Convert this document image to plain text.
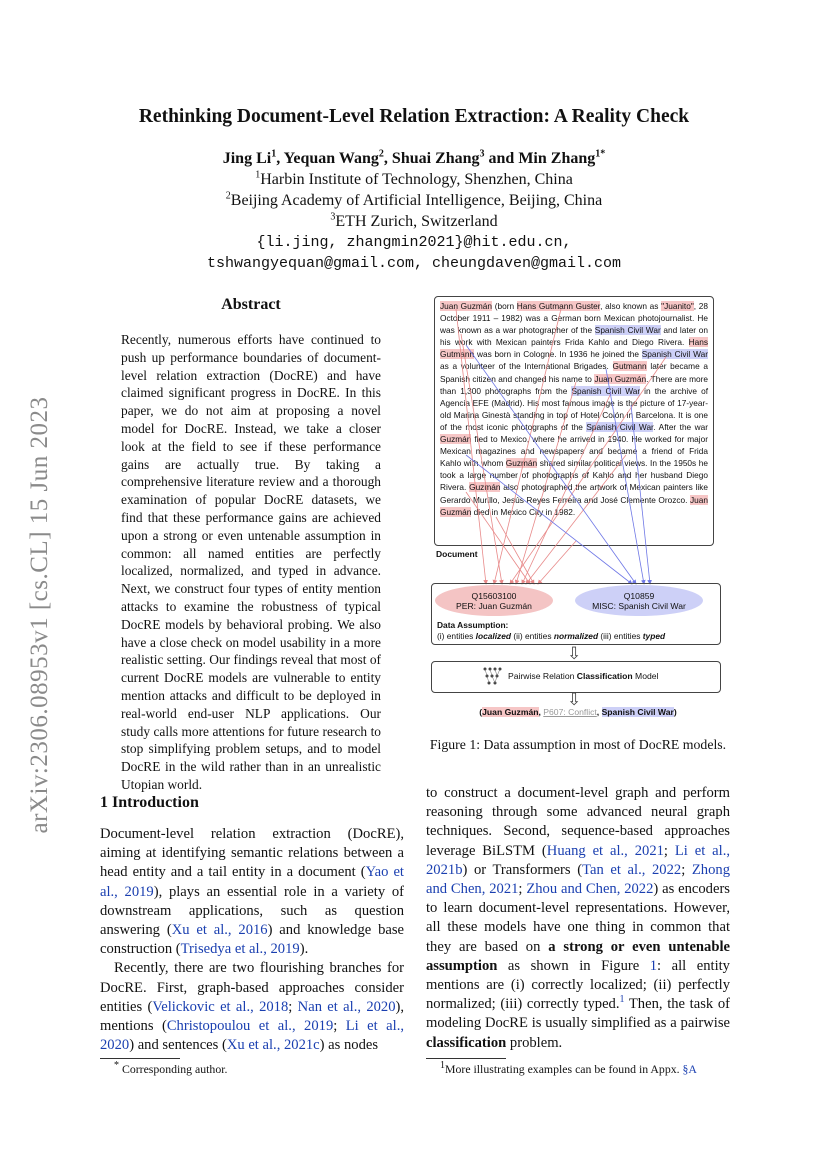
arXiv:2306.08953v1 [cs.CL] 15 Jun 2023
Rethinking Document-Level Relation Extraction: A Reality Check
Jing Li$^1$, Yequan Wang$^2$, Shuai Zhang$^3$ and Min Zhang$^{1*}$
$^1$Harbin Institute of Technology, Shenzhen, China
$^2$Beijing Academy of Artificial Intelligence, Beijing, China
$^3$ETH Zurich, Switzerland
{li.jing, zhangmin2021}@hit.edu.cn,
tshwangyequan@gmail.com, cheungdaven@gmail.com
Abstract
Recently, numerous efforts have continued to push up performance boundaries of document-level relation extraction (DocRE) and have claimed significant progress in DocRE. In this paper, we do not aim at proposing a novel model for DocRE. Instead, we take a closer look at the field to see if these performance gains are actually true. By taking a comprehensive literature review and a thorough examination of popular DocRE datasets, we find that these performance gains are achieved upon a strong or even untenable assumption in common: all named entities are perfectly localized, normalized, and typed in advance. Next, we construct four types of entity mention attacks to examine the robustness of typical DocRE models by behavioral probing. We also have a close check on model usability in a more realistic setting. Our findings reveal that most of current DocRE models are vulnerable to entity mention attacks and difficult to be deployed in real-world end-user NLP applications. Our study calls more attentions for future research to stop simplifying problem setups, and to model DocRE in the wild rather than in an unrealistic Utopian world.
1 Introduction

Document-level relation extraction (DocRE), aiming at identifying semantic relations between a head entity and a tail entity in a document (Yao et al., 2019), plays an essential role in a variety of downstream applications, such as question answering (Xu et al., 2016) and knowledge base construction (Trisedya et al., 2019).

Recently, there are two flourishing branches for DocRE. First, graph-based approaches consider entities (Velickovic et al., 2018; Nan et al., 2020), mentions (Christopoulou et al., 2019; Li et al., 2020) and sentences (Xu et al., 2021c) as nodes

to construct a document-level graph and perform reasoning through some advanced neural graph techniques. Second, sequence-based approaches leverage BiLSTM (Huang et al., 2021; Li et al., 2021b) or Transformers (Tan et al., 2022; Zhong and Chen, 2021; Zhou and Chen, 2022) as encoders to learn document-level representations. However, all these models have one thing in common that they are based on a strong or even untenable assumption as shown in Figure 1: all entity mentions are (i) correctly localized; (ii) perfectly normalized; (iii) correctly typed.$^1$ Then, the task of modeling DocRE is usually simplified as a pairwise classification problem.

* Corresponding author.	$^1$More illustrating examples can be found in Appx. §A
Juan Guzmán (born Hans Gutmann Guster, also known as "Juanito", 28 October 1911 – 1982) was a German born Mexican photojournalist. He was known as a war photographer of the Spanish Civil War and later on his work with Mexican painters Frida Kahlo and Diego Rivera. Hans Gutmann was born in Cologne. In 1936 he joined the Spanish Civil War as a volunteer of the International Brigades. Gutmann later became a Spanish citizen and changed his name to Juan Guzmán. There are more than 1,300 photographs from the Spanish Civil War in the archive of Agencia EFE (Madrid). His most famous image is the picture of 17-year-old Marina Ginestà standing in top of Hotel Colón in Barcelona. It is one of the most iconic photographs of the Spanish Civil War. After the war Guzmán fled to Mexico, where he arrived in 1940. He worked for major Mexican magazines and newspapers and became a friend of Frida Kahlo with whom Guzmán shared similar political views. In the 1950s he took a large number of photographs of Kahlo and her husband Diego Rivera. Guzmán also photographed the artwork of Mexican painters like Gerardo Murillo, Jesús Reyes Ferreira and José Clemente Orozco. Juan Guzmán died in Mexico City in 1982.
Document
Q15603100
PER: Juan Guzmán
Q10859
MISC: Spanish Civil War
Data Assumption:
(i) entities localized (ii) entities normalized (iii) entities typed
⇩
Pairwise Relation Classification Model
⇩
(Juan Guzmán, P607: Conflict, Spanish Civil War)
Figure 1: Data assumption in most of DocRE models.
